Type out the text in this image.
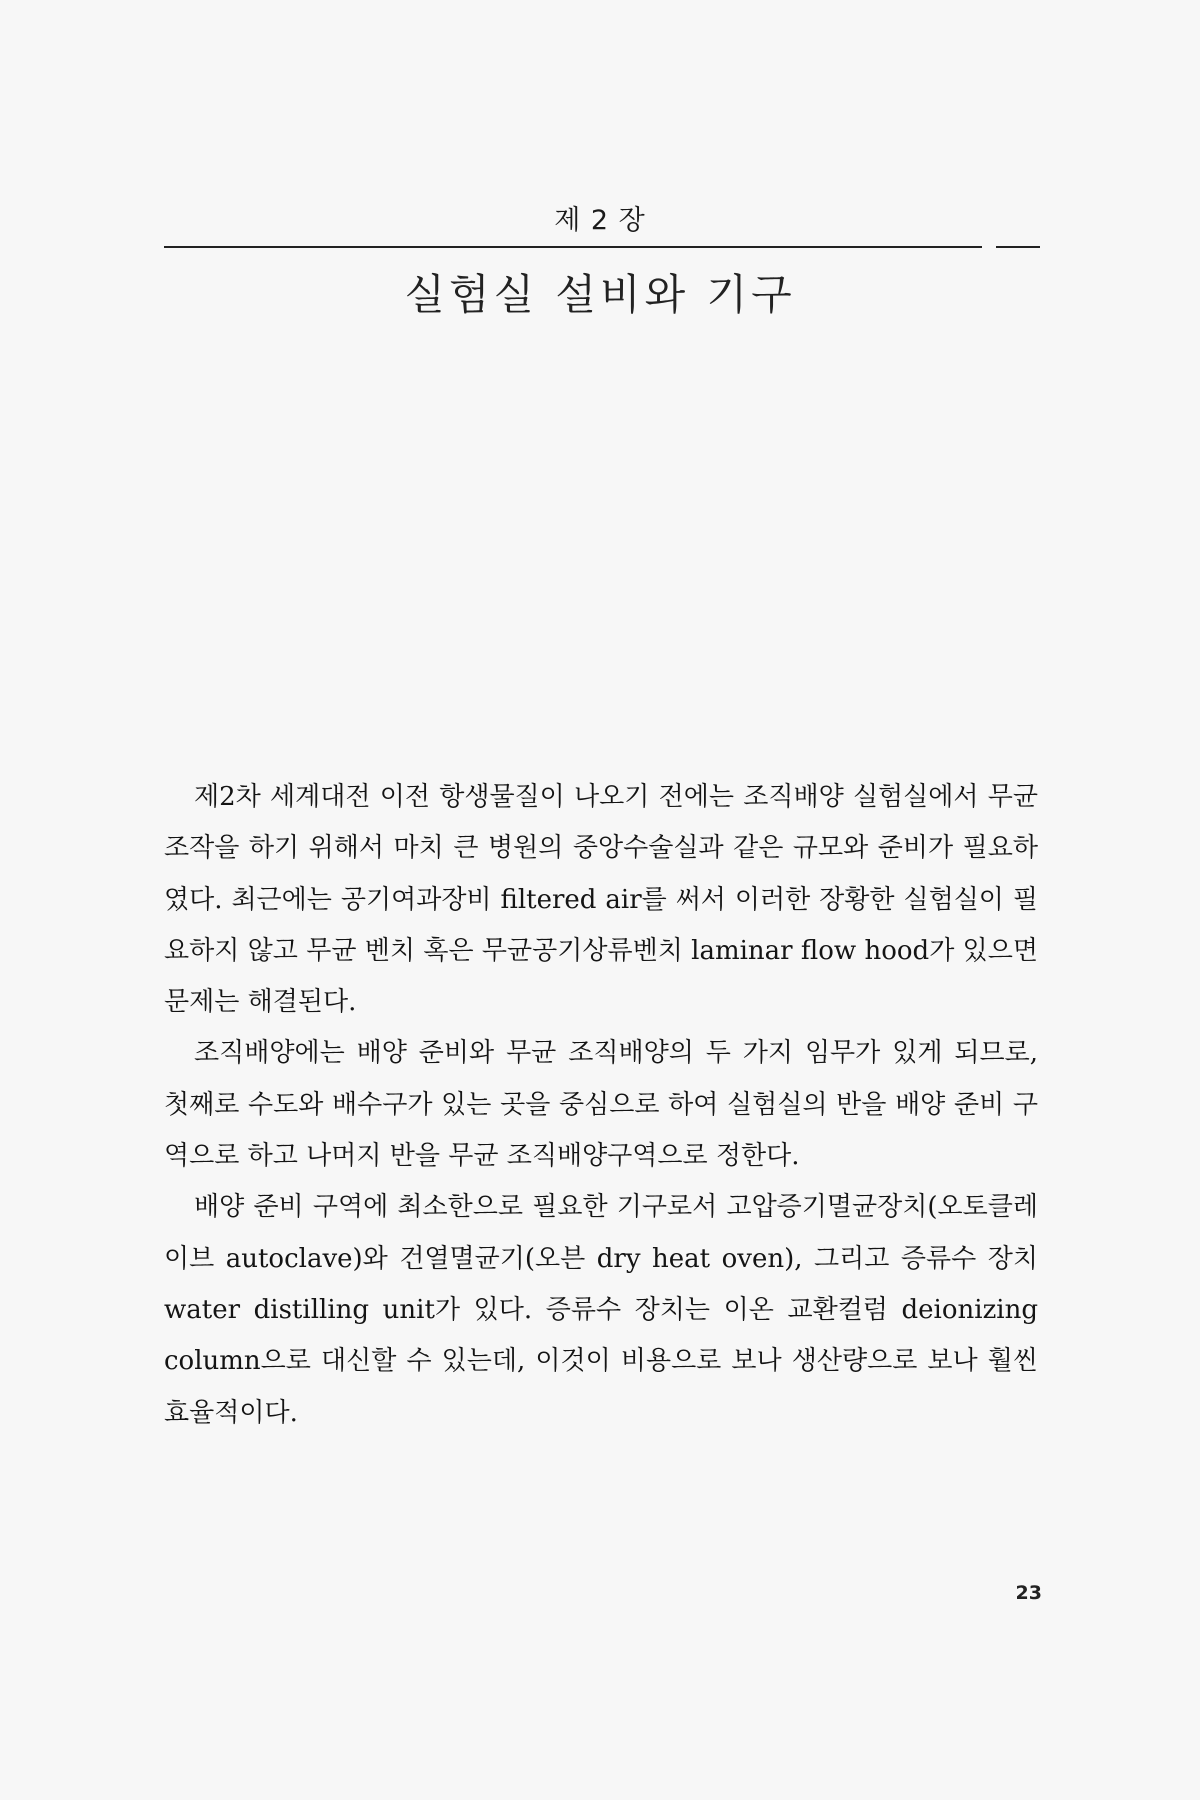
제 2 장
실험실 설비와 기구

제2차 세계대전 이전 항생물질이 나오기 전에는 조직배양 실험실에서 무균조작을 하기 위해서 마치 큰 병원의 중앙수술실과 같은 규모와 준비가 필요하였다. 최근에는 공기여과장비 filtered air를 써서 이러한 장황한 실험실이 필요하지 않고 무균 벤치 혹은 무균공기상류벤치 laminar flow hood가 있으면 문제는 해결된다.

조직배양에는 배양 준비와 무균 조직배양의 두 가지 임무가 있게 되므로, 첫째로 수도와 배수구가 있는 곳을 중심으로 하여 실험실의 반을 배양 준비 구역으로 하고 나머지 반을 무균 조직배양구역으로 정한다.

배양 준비 구역에 최소한으로 필요한 기구로서 고압증기멸균장치(오토클레이브 autoclave)와 건열멸균기(오븐 dry heat oven), 그리고 증류수 장치 water distilling unit가 있다. 증류수 장치는 이온 교환컬럼 deionizing column으로 대신할 수 있는데, 이것이 비용으로 보나 생산량으로 보나 훨씬 효율적이다.

23
